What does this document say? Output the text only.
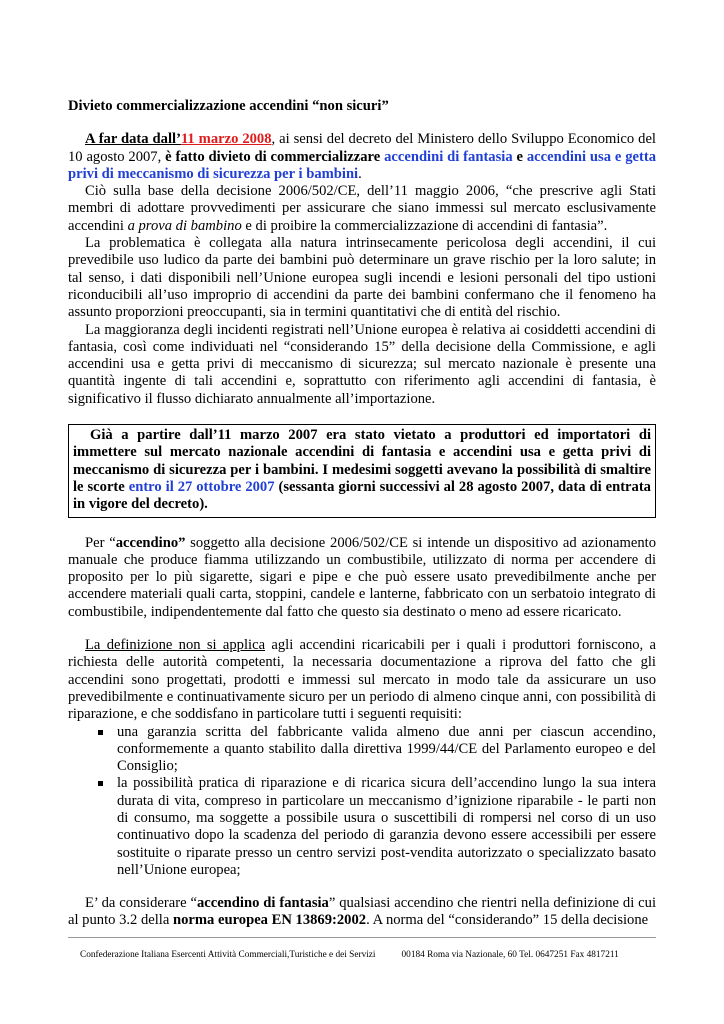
Divieto commercializzazione accendini “non sicuri”

A far data dall’11 marzo 2008, ai sensi del decreto del Ministero dello Sviluppo Economico del 10 agosto 2007, è fatto divieto di commercializzare accendini di fantasia e accendini usa e getta privi di meccanismo di sicurezza per i bambini.

Ciò sulla base della decisione 2006/502/CE, dell’11 maggio 2006, “che prescrive agli Stati membri di adottare provvedimenti per assicurare che siano immessi sul mercato esclusivamente accendini a prova di bambino e di proibire la commercializzazione di accendini di fantasia”.

La problematica è collegata alla natura intrinsecamente pericolosa degli accendini, il cui prevedibile uso ludico da parte dei bambini può determinare un grave rischio per la loro salute; in tal senso, i dati disponibili nell’Unione europea sugli incendi e lesioni personali del tipo ustioni riconducibili all’uso improprio di accendini da parte dei bambini confermano che il fenomeno ha assunto proporzioni preoccupanti, sia in termini quantitativi che di entità del rischio.

La maggioranza degli incidenti registrati nell’Unione europea è relativa ai cosiddetti accendini di fantasia, così come individuati nel “considerando 15” della decisione della Commissione, e agli accendini usa e getta privi di meccanismo di sicurezza; sul mercato nazionale è presente una quantità ingente di tali accendini e, soprattutto con riferimento agli accendini di fantasia, è significativo il flusso dichiarato annualmente all’importazione.

Già a partire dall’11 marzo 2007 era stato vietato a produttori ed importatori di immettere sul mercato nazionale accendini di fantasia e accendini usa e getta privi di meccanismo di sicurezza per i bambini. I medesimi soggetti avevano la possibilità di smaltire le scorte entro il 27 ottobre 2007 (sessanta giorni successivi al 28 agosto 2007, data di entrata in vigore del decreto).

Per “accendino” soggetto alla decisione 2006/502/CE si intende un dispositivo ad azionamento manuale che produce fiamma utilizzando un combustibile, utilizzato di norma per accendere di proposito per lo più sigarette, sigari e pipe e che può essere usato prevedibilmente anche per accendere materiali quali carta, stoppini, candele e lanterne, fabbricato con un serbatoio integrato di combustibile, indipendentemente dal fatto che questo sia destinato o meno ad essere ricaricato.

La definizione non si applica agli accendini ricaricabili per i quali i produttori forniscono, a richiesta delle autorità competenti, la necessaria documentazione a riprova del fatto che gli accendini sono progettati, prodotti e immessi sul mercato in modo tale da assicurare un uso prevedibilmente e continuativamente sicuro per un periodo di almeno cinque anni, con possibilità di riparazione, e che soddisfano in particolare tutti i seguenti requisiti:

una garanzia scritta del fabbricante valida almeno due anni per ciascun accendino, conformemente a quanto stabilito dalla direttiva 1999/44/CE del Parlamento europeo e del Consiglio;
la possibilità pratica di riparazione e di ricarica sicura dell’accendino lungo la sua intera durata di vita, compreso in particolare un meccanismo d’ignizione riparabile - le parti non di consumo, ma soggette a possibile usura o suscettibili di rompersi nel corso di un uso continuativo dopo la scadenza del periodo di garanzia devono essere accessibili per essere sostituite o riparate presso un centro servizi post-vendita autorizzato o specializzato basato nell’Unione europea;

E’ da considerare “accendino di fantasia” qualsiasi accendino che rientri nella definizione di cui al punto 3.2 della norma europea EN 13869:2002. A norma del “considerando” 15 della decisione

Confederazione Italiana Esercenti Attività Commerciali,Turistiche e dei Servizi	00184 Roma via Nazionale, 60 Tel. 0647251 Fax 4817211
